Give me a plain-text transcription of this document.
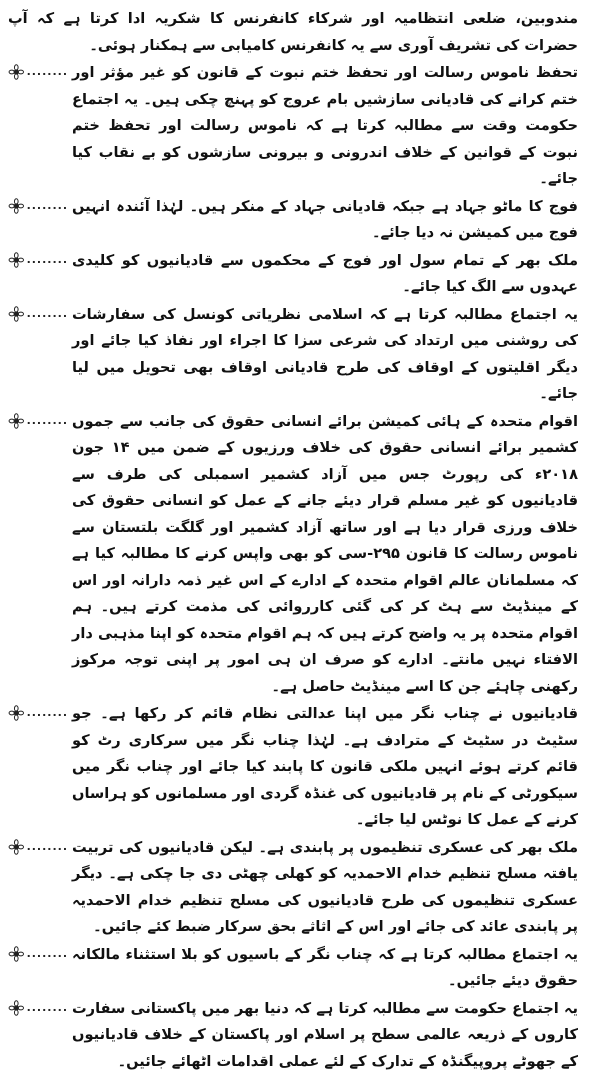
مندوبین، ضلعی انتظامیہ اور شرکاء کانفرنس کا شکریہ ادا کرتا ہے کہ آپ حضرات کی تشریف آوری سے یہ کانفرنس کامیابی سے ہمکنار ہوئی۔

........ تحفظ ناموس رسالت اور تحفظ ختم نبوت کے قانون کو غیر مؤثر اور ختم کرانے کی قادیانی سازشیں بام عروج کو پہنچ چکی ہیں۔ یہ اجتماع حکومت وقت سے مطالبہ کرتا ہے کہ ناموس رسالت اور تحفظ ختم نبوت کے قوانین کے خلاف اندرونی و بیرونی سازشوں کو بے نقاب کیا جائے۔
........ فوج کا ماٹو جہاد ہے جبکہ قادیانی جہاد کے منکر ہیں۔ لہٰذا آئندہ انہیں فوج میں کمیشن نہ دیا جائے۔
........ ملک بھر کے تمام سول اور فوج کے محکموں سے قادیانیوں کو کلیدی عہدوں سے الگ کیا جائے۔
........ یہ اجتماع مطالبہ کرتا ہے کہ اسلامی نظریاتی کونسل کی سفارشات کی روشنی میں ارتداد کی شرعی سزا کا اجراء اور نفاذ کیا جائے اور دیگر اقلیتوں کے اوقاف کی طرح قادیانی اوقاف بھی تحویل میں لیا جائے۔
........ اقوام متحدہ کے ہائی کمیشن برائے انسانی حقوق کی جانب سے جموں کشمیر برائے انسانی حقوق کی خلاف ورزیوں کے ضمن میں ۱۴ جون ۲۰۱۸ء کی رپورٹ جس میں آزاد کشمیر اسمبلی کی طرف سے قادیانیوں کو غیر مسلم قرار دیئے جانے کے عمل کو انسانی حقوق کی خلاف ورزی قرار دیا ہے اور ساتھ آزاد کشمیر اور گلگت بلتستان سے ناموس رسالت کا قانون ۲۹۵-سی کو بھی واپس کرنے کا مطالبہ کیا ہے کہ مسلمانان عالم اقوام متحدہ کے ادارے کے اس غیر ذمہ دارانہ اور اس کے مینڈیٹ سے ہٹ کر کی گئی کارروائی کی مذمت کرتے ہیں۔ ہم اقوام متحدہ پر یہ واضح کرتے ہیں کہ ہم اقوام متحدہ کو اپنا مذہبی دار الافتاء نہیں مانتے۔ ادارے کو صرف ان ہی امور پر اپنی توجہ مرکوز رکھنی چاہئے جن کا اسے مینڈیٹ حاصل ہے۔
........ قادیانیوں نے چناب نگر میں اپنا عدالتی نظام قائم کر رکھا ہے۔ جو سٹیٹ در سٹیٹ کے مترادف ہے۔ لہٰذا چناب نگر میں سرکاری رٹ کو قائم کرتے ہوئے انہیں ملکی قانون کا پابند کیا جائے اور چناب نگر میں سیکورٹی کے نام پر قادیانیوں کی غنڈہ گردی اور مسلمانوں کو ہراساں کرنے کے عمل کا نوٹس لیا جائے۔
........ ملک بھر کی عسکری تنظیموں پر پابندی ہے۔ لیکن قادیانیوں کی تربیت یافتہ مسلح تنظیم خدام الاحمدیہ کو کھلی چھٹی دی جا چکی ہے۔ دیگر عسکری تنظیموں کی طرح قادیانیوں کی مسلح تنظیم خدام الاحمدیہ پر پابندی عائد کی جائے اور اس کے اثاثے بحق سرکار ضبط کئے جائیں۔
........ یہ اجتماع مطالبہ کرتا ہے کہ چناب نگر کے باسیوں کو بلا استثناء مالکانہ حقوق دیئے جائیں۔
........ یہ اجتماع حکومت سے مطالبہ کرتا ہے کہ دنیا بھر میں پاکستانی سفارت کاروں کے ذریعہ عالمی سطح پر اسلام اور پاکستان کے خلاف قادیانیوں کے جھوٹے پروپیگنڈہ کے تدارک کے لئے عملی اقدامات اٹھائے جائیں۔
